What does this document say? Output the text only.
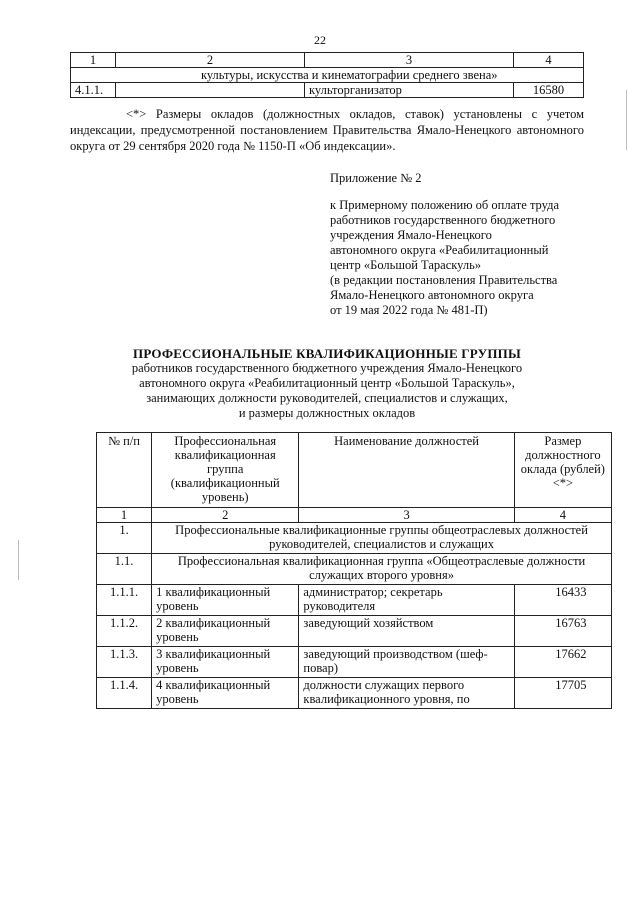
22
1	2	3	4
	культуры, искусства и кинематографии среднего звена»		
4.1.1.		культорганизатор	16580
<*> Размеры окладов (должностных окладов, ставок) установлены с учетом индексации, предусмотренной постановлением Правительства Ямало-Ненецкого автономного округа от 29 сентября 2020 года № 1150-П «Об индексации».
Приложение № 2
к Примерному положению об оплате труда
работников государственного бюджетного
учреждения Ямало-Ненецкого
автономного округа «Реабилитационный
центр «Большой Тараскуль»
(в редакции постановления Правительства
Ямало-Ненецкого автономного округа
от 19 мая 2022 года № 481-П)
ПРОФЕССИОНАЛЬНЫЕ КВАЛИФИКАЦИОННЫЕ ГРУППЫ
работников государственного бюджетного учреждения Ямало-Ненецкого
автономного округа «Реабилитационный центр «Большой Тараскуль»,
занимающих должности руководителей, специалистов и служащих,
и размеры должностных окладов
№ п/п	Профессиональная квалификационная группа (квалификационный уровень)	Наименование должностей	Размер должностного оклада (рублей) <*>
1	2	3	4
1.	Профессиональные квалификационные группы общеотраслевых должностей руководителей, специалистов и служащих		
1.1.	Профессиональная квалификационная группа «Общеотраслевые должности служащих второго уровня»		
1.1.1.	1 квалификационный уровень	администратор; секретарь руководителя	16433
1.1.2.	2 квалификационный уровень	заведующий хозяйством	16763
1.1.3.	3 квалификационный уровень	заведующий производством (шеф-повар)	17662
1.1.4.	4 квалификационный уровень	должности служащих первого квалификационного уровня, по	17705
